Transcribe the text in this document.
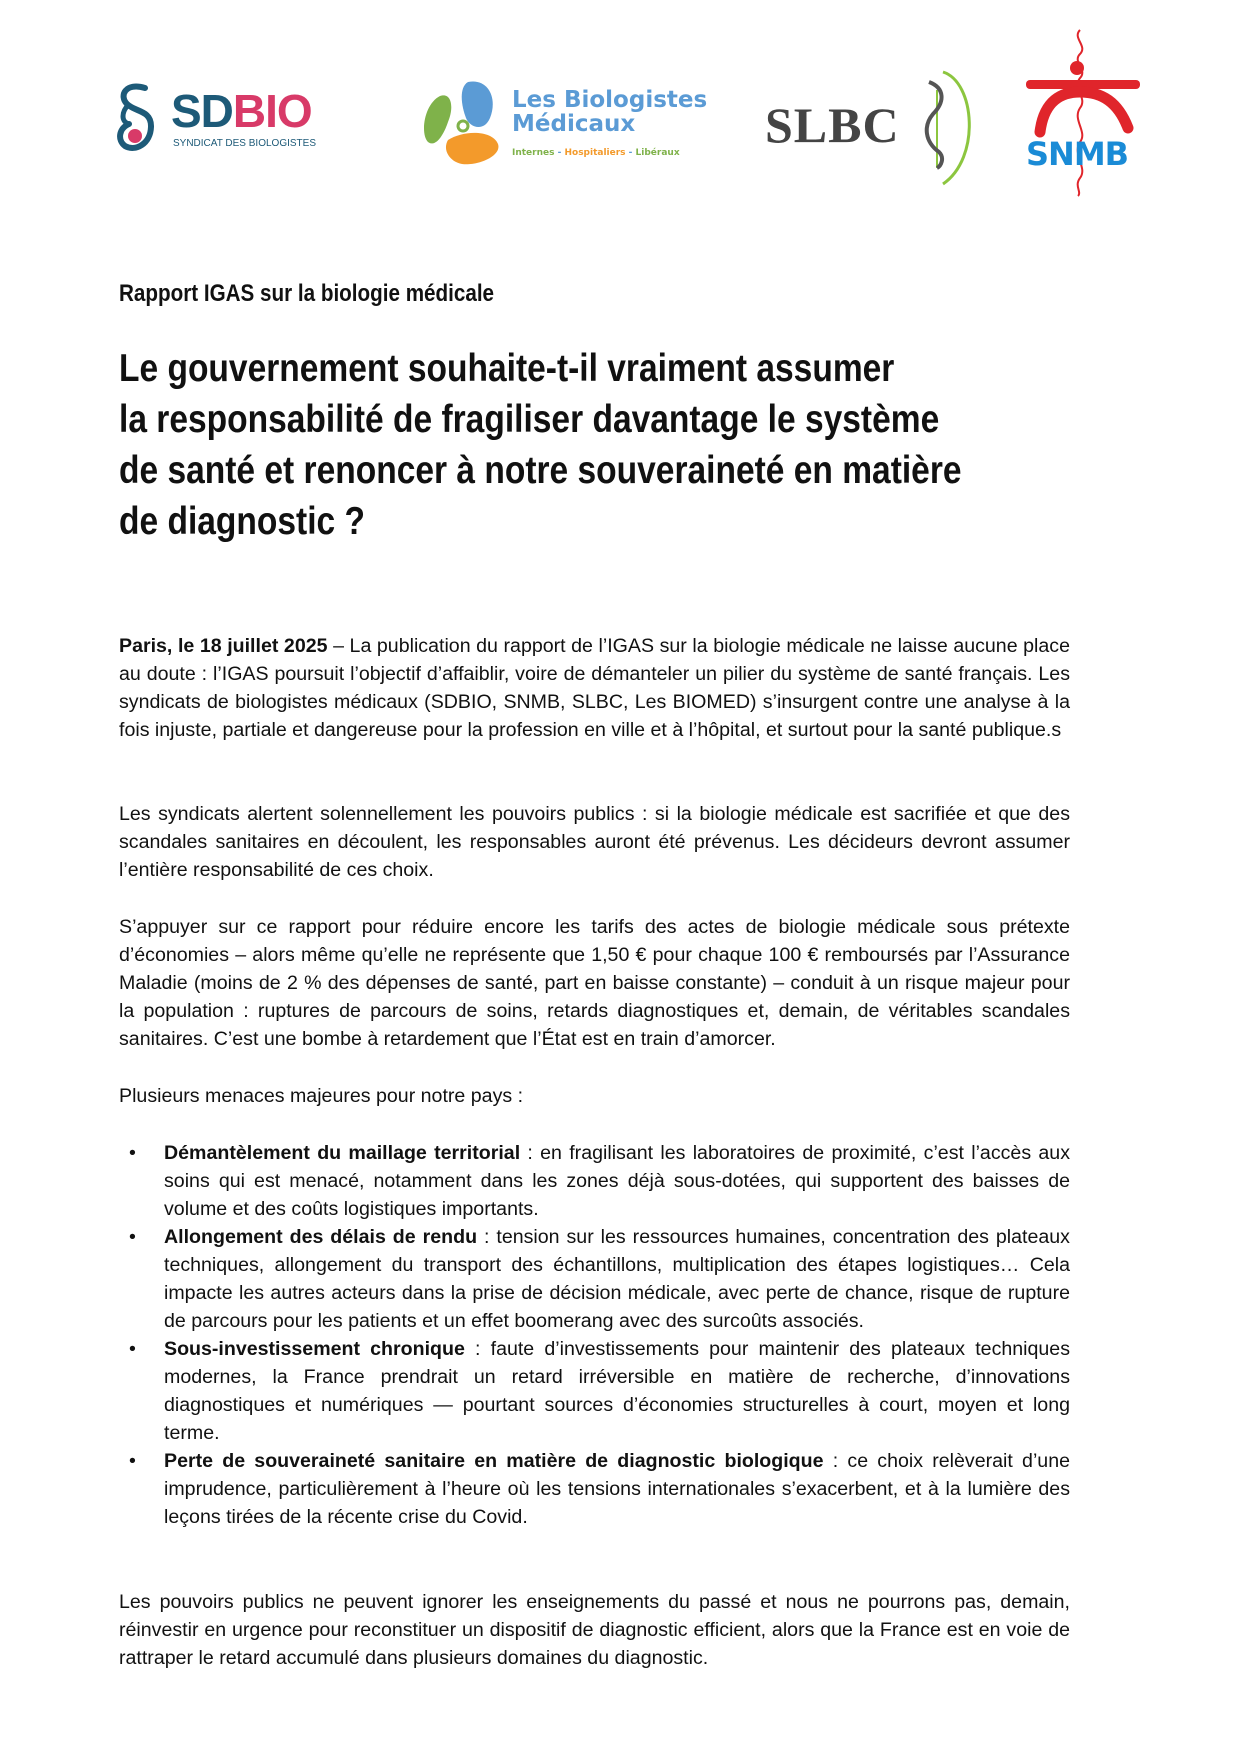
SDBIO
SYNDICAT DES BIOLOGISTES
Les Biologistes
Médicaux
Internes - Hospitaliers - Libéraux SLBC
SNMB
Rapport IGAS sur la biologie médicale
Le gouvernement souhaite-t-il vraiment assumer
la responsabilité de fragiliser davantage le système
de santé et renoncer à notre souveraineté en matière
de diagnostic ?

Paris, le 18 juillet 2025 – La publication du rapport de l’IGAS sur la biologie médicale ne laisse aucune place au doute : l’IGAS poursuit l’objectif d’affaiblir, voire de démanteler un pilier du système de santé français. Les syndicats de biologistes médicaux (SDBIO, SNMB, SLBC, Les BIOMED) s’insurgent contre une analyse à la fois injuste, partiale et dangereuse pour la profession en ville et à l’hôpital, et surtout pour la santé publique.s

Les syndicats alertent solennellement les pouvoirs publics : si la biologie médicale est sacrifiée et que des scandales sanitaires en découlent, les responsables auront été prévenus. Les décideurs devront assumer l’entière responsabilité de ces choix.

S’appuyer sur ce rapport pour réduire encore les tarifs des actes de biologie médicale sous prétexte d’économies – alors même qu’elle ne représente que 1,50 € pour chaque 100 € remboursés par l’Assurance Maladie (moins de 2 % des dépenses de santé, part en baisse constante) – conduit à un risque majeur pour la population : ruptures de parcours de soins, retards diagnostiques et, demain, de véritables scandales sanitaires. C’est une bombe à retardement que l’État est en train d’amorcer.

Plusieurs menaces majeures pour notre pays :

• Démantèlement du maillage territorial : en fragilisant les laboratoires de proximité, c’est l’accès aux soins qui est menacé, notamment dans les zones déjà sous-dotées, qui supportent des baisses de volume et des coûts logistiques importants.
• Allongement des délais de rendu : tension sur les ressources humaines, concentration des plateaux techniques, allongement du transport des échantillons, multiplication des étapes logistiques… Cela impacte les autres acteurs dans la prise de décision médicale, avec perte de chance, risque de rupture de parcours pour les patients et un effet boomerang avec des surcoûts associés.
• Sous-investissement chronique : faute d’investissements pour maintenir des plateaux techniques modernes, la France prendrait un retard irréversible en matière de recherche, d’innovations diagnostiques et numériques — pourtant sources d’économies structurelles à court, moyen et long terme.
• Perte de souveraineté sanitaire en matière de diagnostic biologique : ce choix relèverait d’une imprudence, particulièrement à l’heure où les tensions internationales s’exacerbent, et à la lumière des leçons tirées de la récente crise du Covid.

Les pouvoirs publics ne peuvent ignorer les enseignements du passé et nous ne pourrons pas, demain, réinvestir en urgence pour reconstituer un dispositif de diagnostic efficient, alors que la France est en voie de rattraper le retard accumulé dans plusieurs domaines du diagnostic.
